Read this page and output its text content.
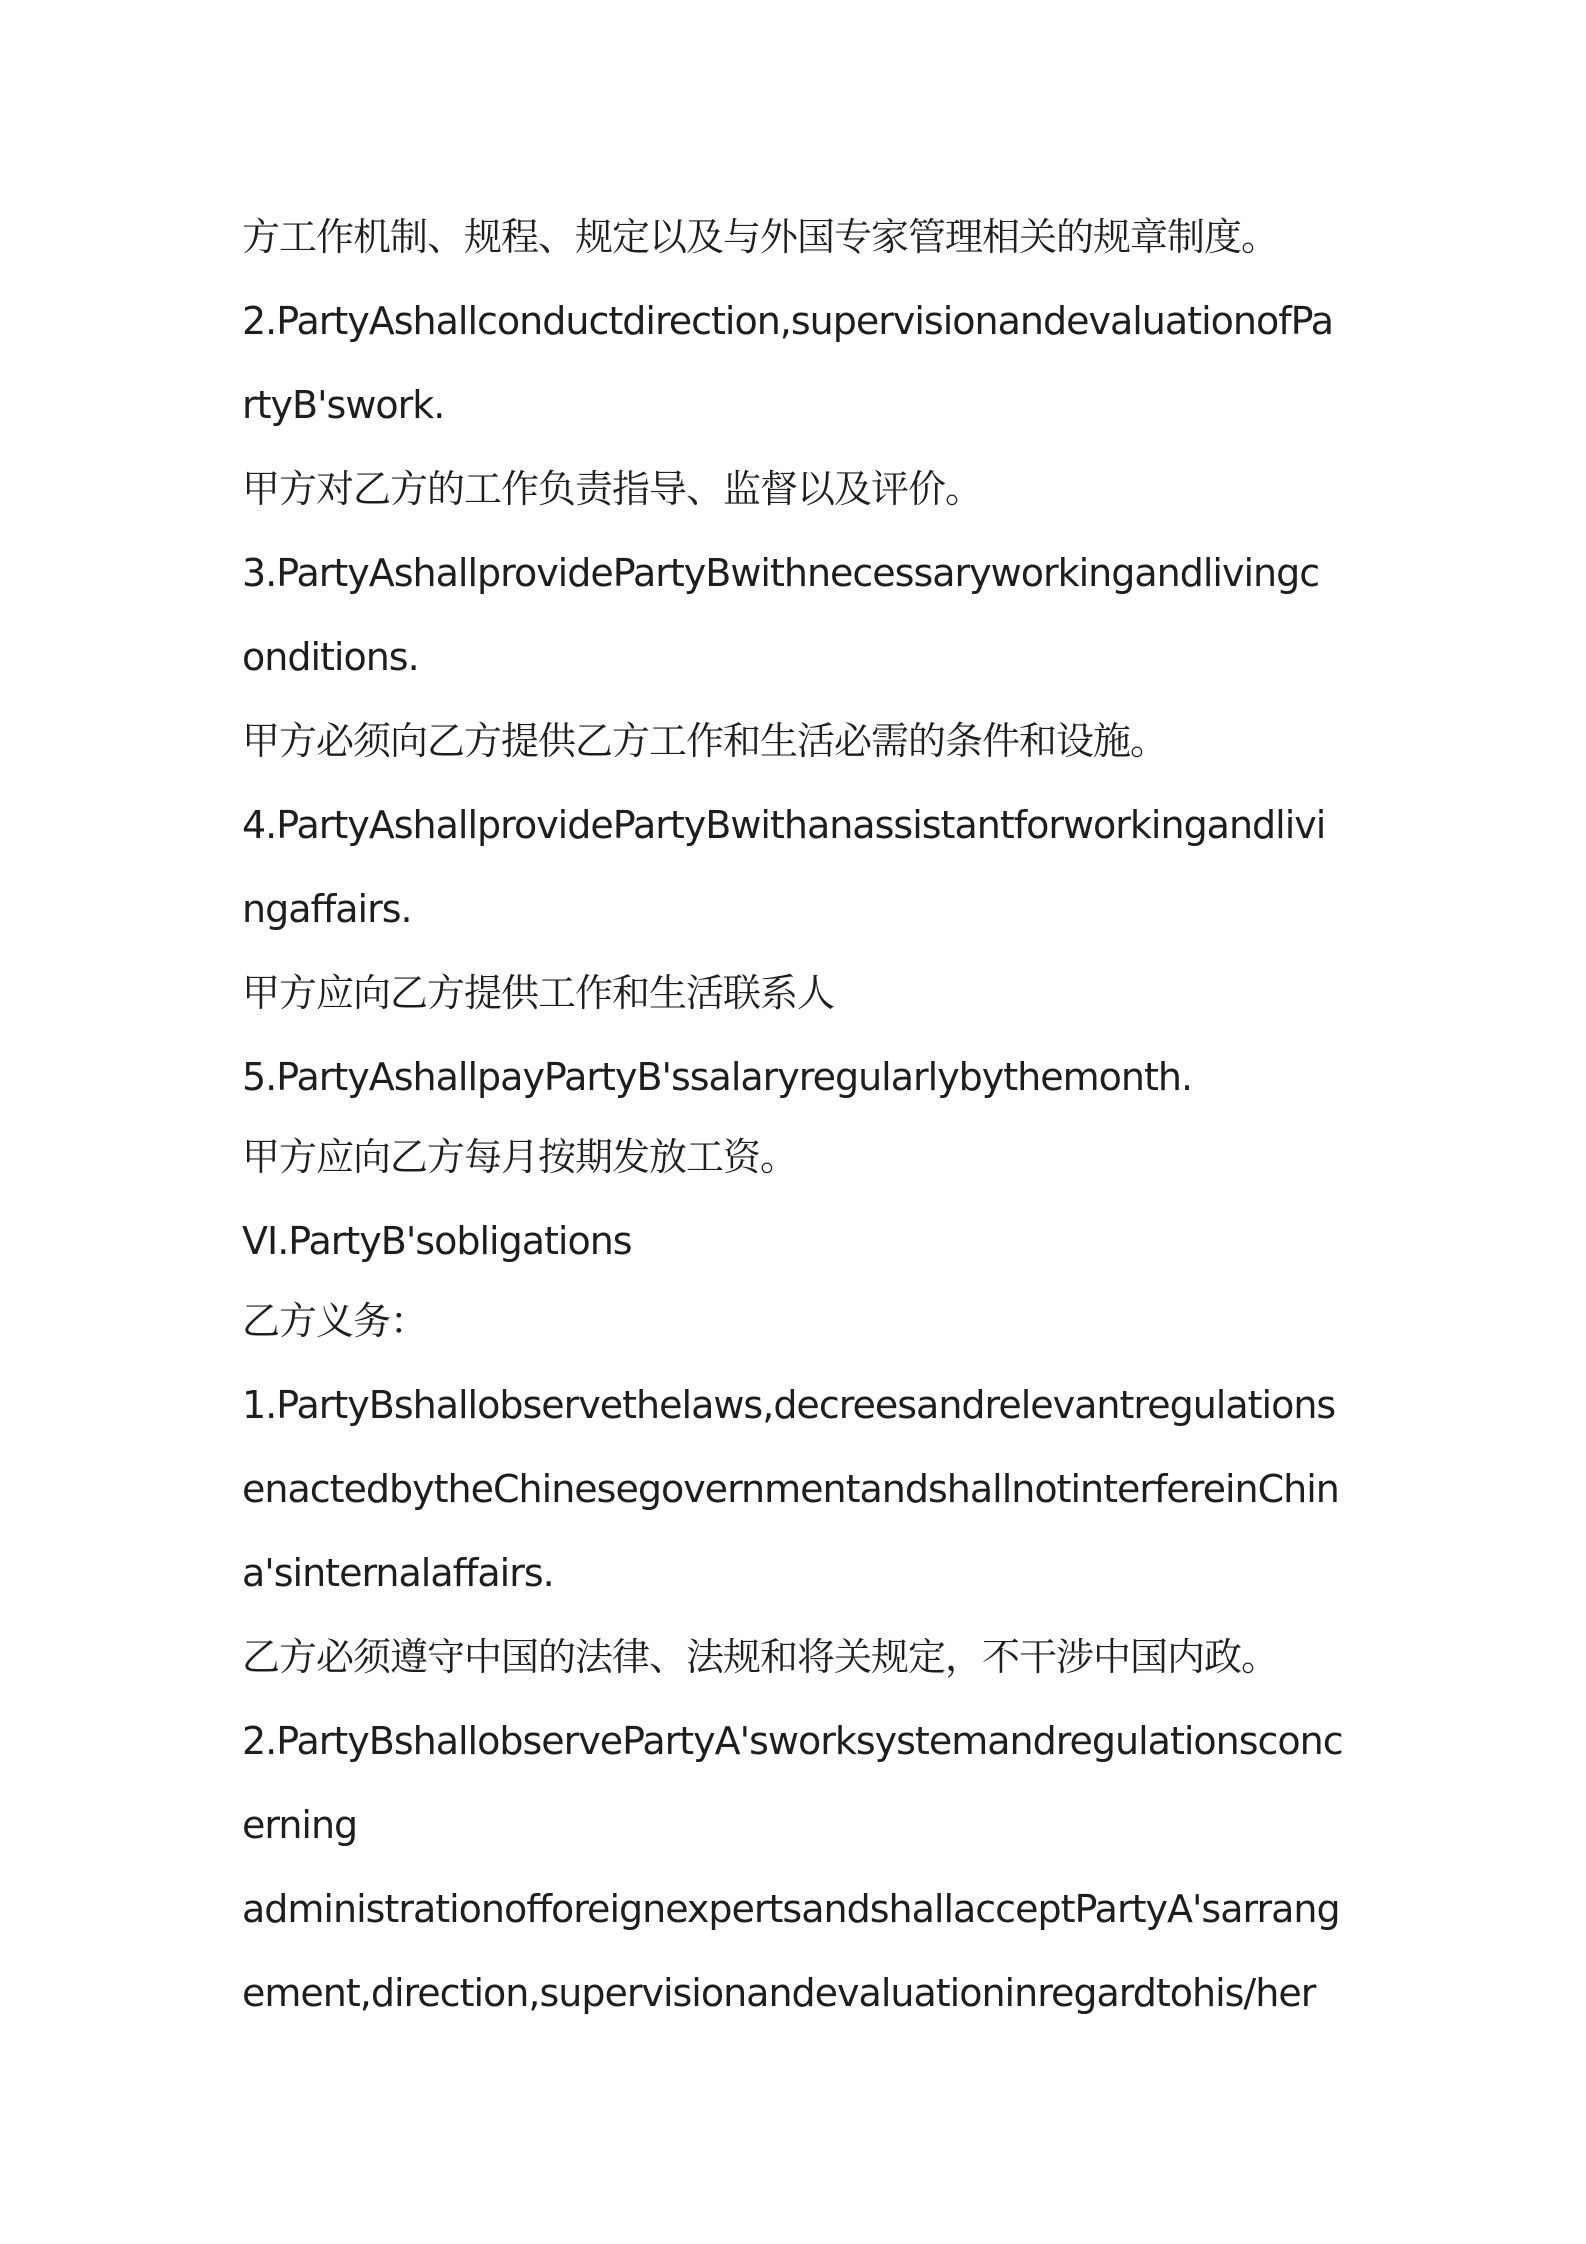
方工作机制、规程、规定以及与外国专家管理相关的规章制度。
2.PartyAshallconductdirection,supervisionandevaluationofPa
rtyB'swork.
甲方对乙方的工作负责指导、监督以及评价。
3.PartyAshallprovidePartyBwithnecessaryworkingandlivingc
onditions.
甲方必须向乙方提供乙方工作和生活必需的条件和设施。
4.PartyAshallprovidePartyBwithanassistantforworkingandlivi
ngaffairs.
甲方应向乙方提供工作和生活联系人
5.PartyAshallpayPartyB'ssalaryregularlybythemonth.
甲方应向乙方每月按期发放工资。
VI.PartyB'sobligations
乙方义务：
1.PartyBshallobservethelaws,decreesandrelevantregulations
enactedbytheChinesegovernmentandshallnotinterfereinChin
a'sinternalaffairs.
乙方必须遵守中国的法律、法规和将关规定，不干涉中国内政。
2.PartyBshallobservePartyA'sworksystemandregulationsconc
erning
administrationofforeignexpertsandshallacceptPartyA'sarrang
ement,direction,supervisionandevaluationinregardtohis/her
